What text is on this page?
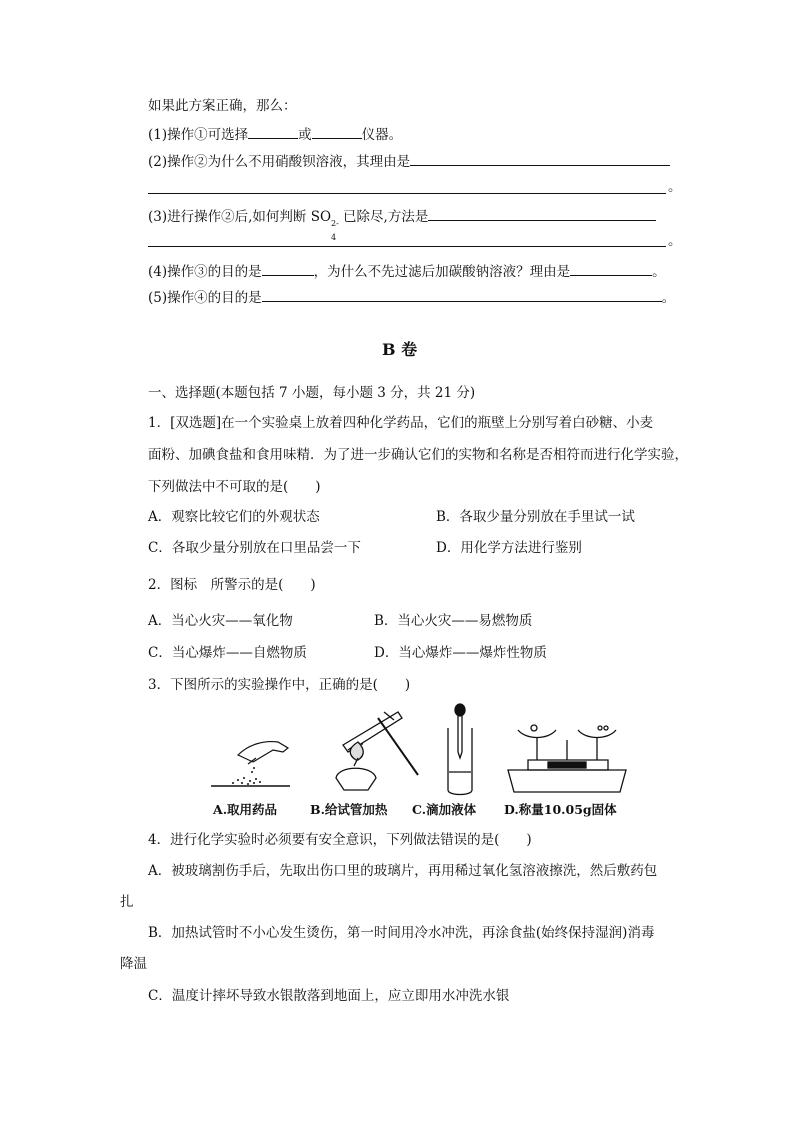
如果此方案正确，那么：
(1)操作①可选择	或	仪器。
(2)操作②为什么不用硝酸钡溶液，其理由是
。
(3)进行操作②后,如何判断 SO 2-
4
已除尽,方法是
。
(4)操作③的目的是	，为什么不先过滤后加碳酸钠溶液？理由是	。
(5)操作④的目的是	。
B 卷
一、选择题(本题包括 7 小题，每小题 3 分，共 21 分)
1．[双选题]在一个实验桌上放着四种化学药品，它们的瓶壁上分别写着白砂糖、小麦
面粉、加碘食盐和食用味精．为了进一步确认它们的实物和名称是否相符而进行化学实验，
下列做法中不可取的是(　　)
A．观察比较它们的外观状态	B．各取少量分别放在手里试一试
C．各取少量分别放在口里品尝一下	D．用化学方法进行鉴别
2．图标　所警示的是(　　)
A．当心火灾——氧化物	B．当心火灾——易燃物质
C．当心爆炸——自燃物质	D．当心爆炸——爆炸性物质
3．下图所示的实验操作中，正确的是(　　)
A.取用药品	B.给试管加热 C.滴加液体 D.称量10.05g固体
4．进行化学实验时必须要有安全意识，下列做法错误的是(　　)
A．被玻璃割伤手后，先取出伤口里的玻璃片，再用稀过氧化氢溶液擦洗，然后敷药包
扎
B．加热试管时不小心发生烫伤，第一时间用冷水冲洗，再涂食盐(始终保持湿润)消毒
降温
C．温度计摔坏导致水银散落到地面上，应立即用水冲洗水银
